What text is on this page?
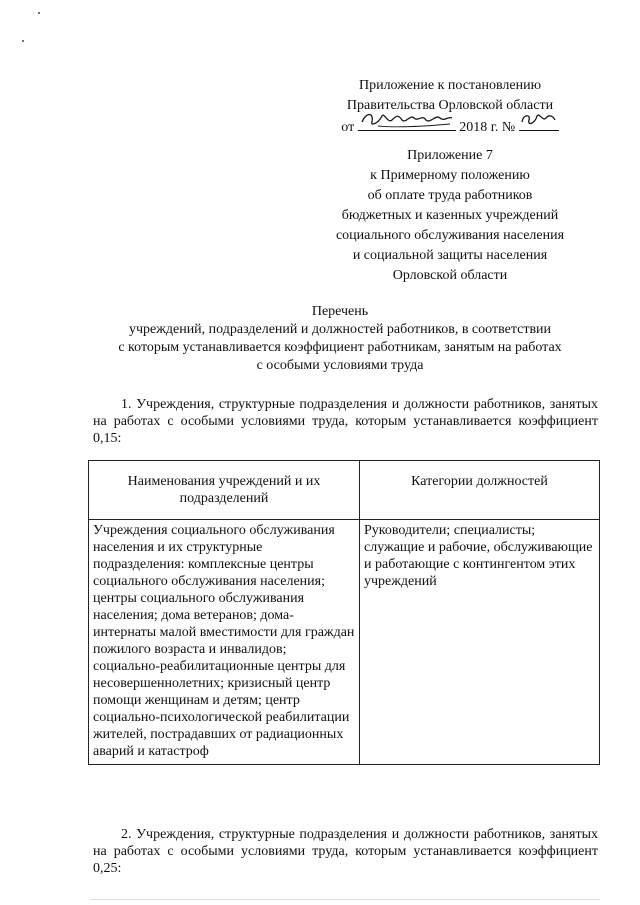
Приложение к постановлению
Правительства Орловской области
от	2018 г. №
Приложение 7
к Примерному положению
об оплате труда работников
бюджетных и казенных учреждений
социального обслуживания населения
и социальной защиты населения
Орловской области
Перечень
учреждений, подразделений и должностей работников, в соответствии
с которым устанавливается коэффициент работникам, занятым на работах
с особыми условиями труда
1. Учреждения, структурные подразделения и должности работников, занятых на работах с особыми условиями труда, которым устанавливается коэффициент 0,15:
Наименования учреждений и их подразделений	Категории должностей
Учреждения социального обслуживания населения и их структурные подразделения: комплексные центры социального обслуживания населения; центры социального обслуживания населения; дома ветеранов; дома-интернаты малой вместимости для граждан пожилого возраста и инвалидов; социально-реабилитационные центры для несовершеннолетних; кризисный центр помощи женщинам и детям; центр социально-психологической реабилитации жителей, пострадавших от радиационных аварий и катастроф	Руководители; специалисты; служащие и рабочие, обслуживающие и работающие с контингентом этих учреждений
2. Учреждения, структурные подразделения и должности работников, занятых на работах с особыми условиями труда, которым устанавливается коэффициент 0,25:
